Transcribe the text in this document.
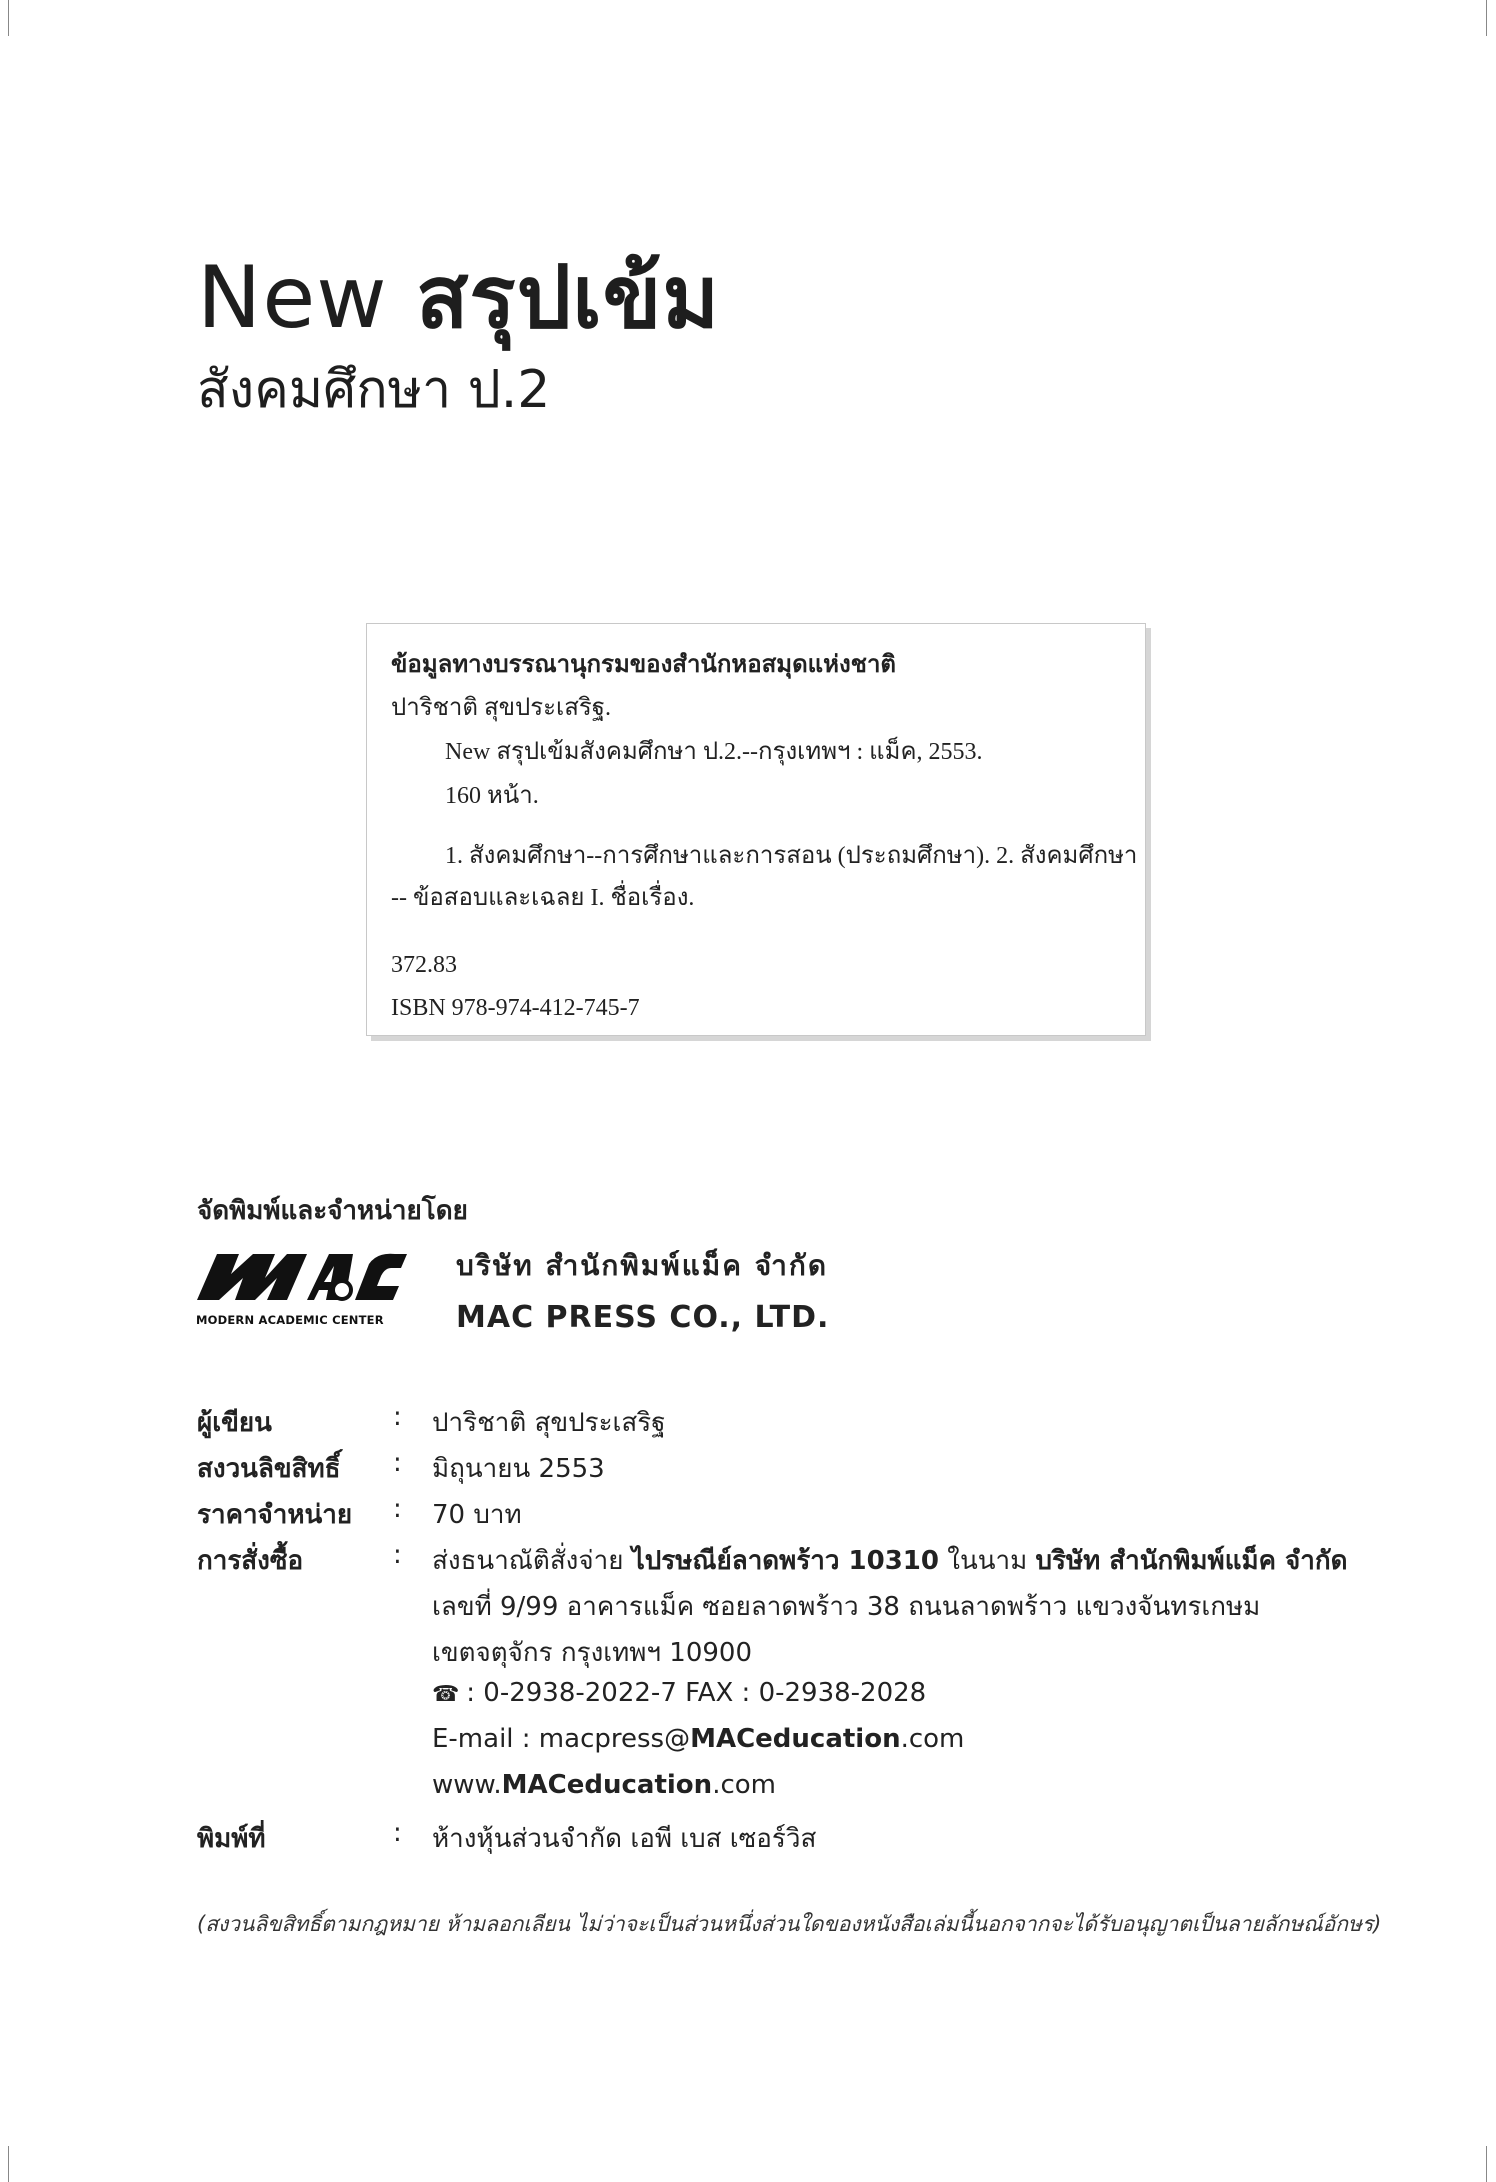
New สรุปเข้ม
สังคมศึกษา ป.2
ข้อมูลทางบรรณานุกรมของสำนักหอสมุดแห่งชาติ
ปาริชาติ สุขประเสริฐ.
New สรุปเข้มสังคมศึกษา ป.2.--กรุงเทพฯ : แม็ค, 2553.
160 หน้า.
1. สังคมศึกษา--การศึกษาและการสอน (ประถมศึกษา). 2. สังคมศึกษา
-- ข้อสอบและเฉลย I. ชื่อเรื่อง.
372.83
ISBN 978-974-412-745-7
จัดพิมพ์และจำหน่ายโดย
MODERN ACADEMIC CENTER
บริษัท สำนักพิมพ์แม็ค จำกัด
MAC PRESS CO., LTD.
ผู้เขียน	: ปาริชาติ สุขประเสริฐ
สงวนลิขสิทธิ์ : มิถุนายน 2553
ราคาจำหน่าย : 70 บาท
การสั่งซื้อ	: ส่งธนาณัติสั่งจ่าย ไปรษณีย์ลาดพร้าว 10310 ในนาม บริษัท สำนักพิมพ์แม็ค จำกัด
เลขที่ 9/99 อาคารแม็ค ซอยลาดพร้าว 38 ถนนลาดพร้าว แขวงจันทรเกษม
เขตจตุจักร กรุงเทพฯ 10900
☎ : 0-2938-2022-7 FAX : 0-2938-2028
E-mail : macpress@MACeducation.com
www.MACeducation.com
พิมพ์ที่	: ห้างหุ้นส่วนจำกัด เอพี เบส เซอร์วิส
(สงวนลิขสิทธิ์ตามกฎหมาย ห้ามลอกเลียน ไม่ว่าจะเป็นส่วนหนึ่งส่วนใดของหนังสือเล่มนี้นอกจากจะได้รับอนุญาตเป็นลายลักษณ์อักษร)
